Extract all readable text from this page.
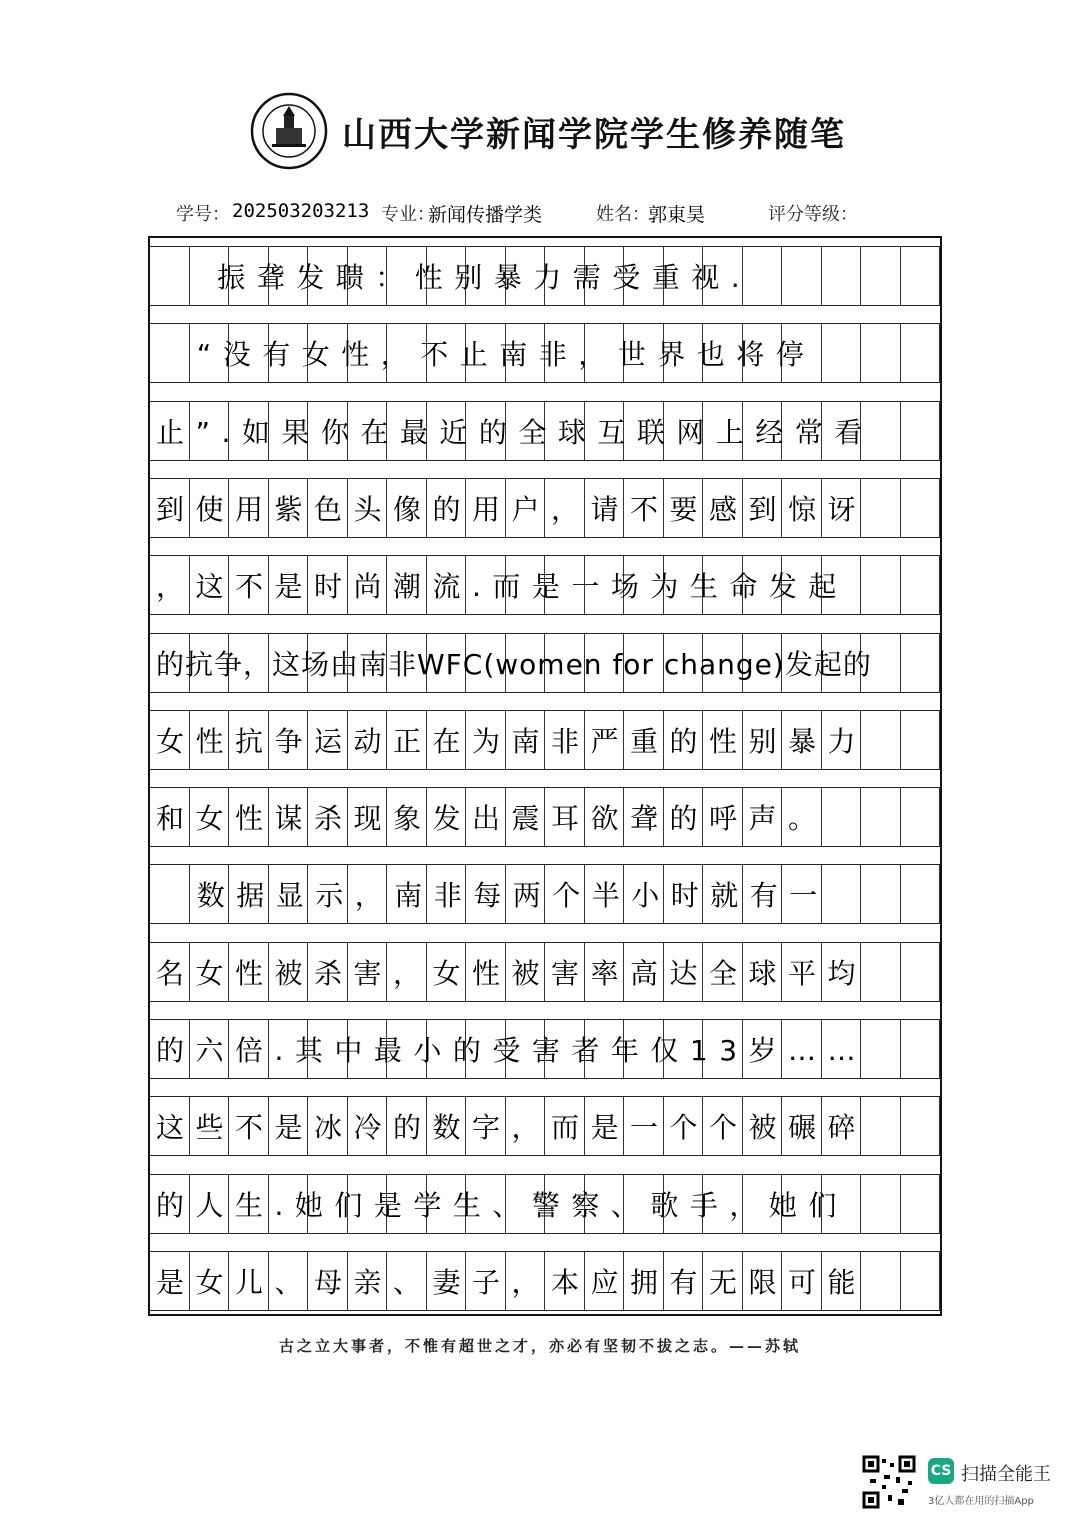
山西大学新闻学院学生修养随笔
学号： 202503203213 专业：
新闻传播学类	姓名：
郭東昊	评分等级：
振聋发聩：性别暴力需受重视.
“没有女性，不止南非，世界也将停
止”.如果你在最近的全球互联网上经常看
到使用紫色头像的用户，请不要感到惊讶
，这不是时尚潮流.而是一场为生命发起
的抗争，这场由南非WFC(women for change)发起的
女性抗争运动正在为南非严重的性别暴力
和女性谋杀现象发出震耳欲聋的呼声。
数据显示，南非每两个半小时就有一
名女性被杀害，女性被害率高达全球平均
的六倍.其中最小的受害者年仅13岁……
这些不是冰冷的数字，而是一个个被碾碎
的人生.她们是学生、警察、歌手，她们
是女儿、母亲、妻子，本应拥有无限可能
古之立大事者，不惟有超世之才，亦必有坚韧不拔之志。——苏轼
CS 扫描全能王
3亿人都在用的扫描App
